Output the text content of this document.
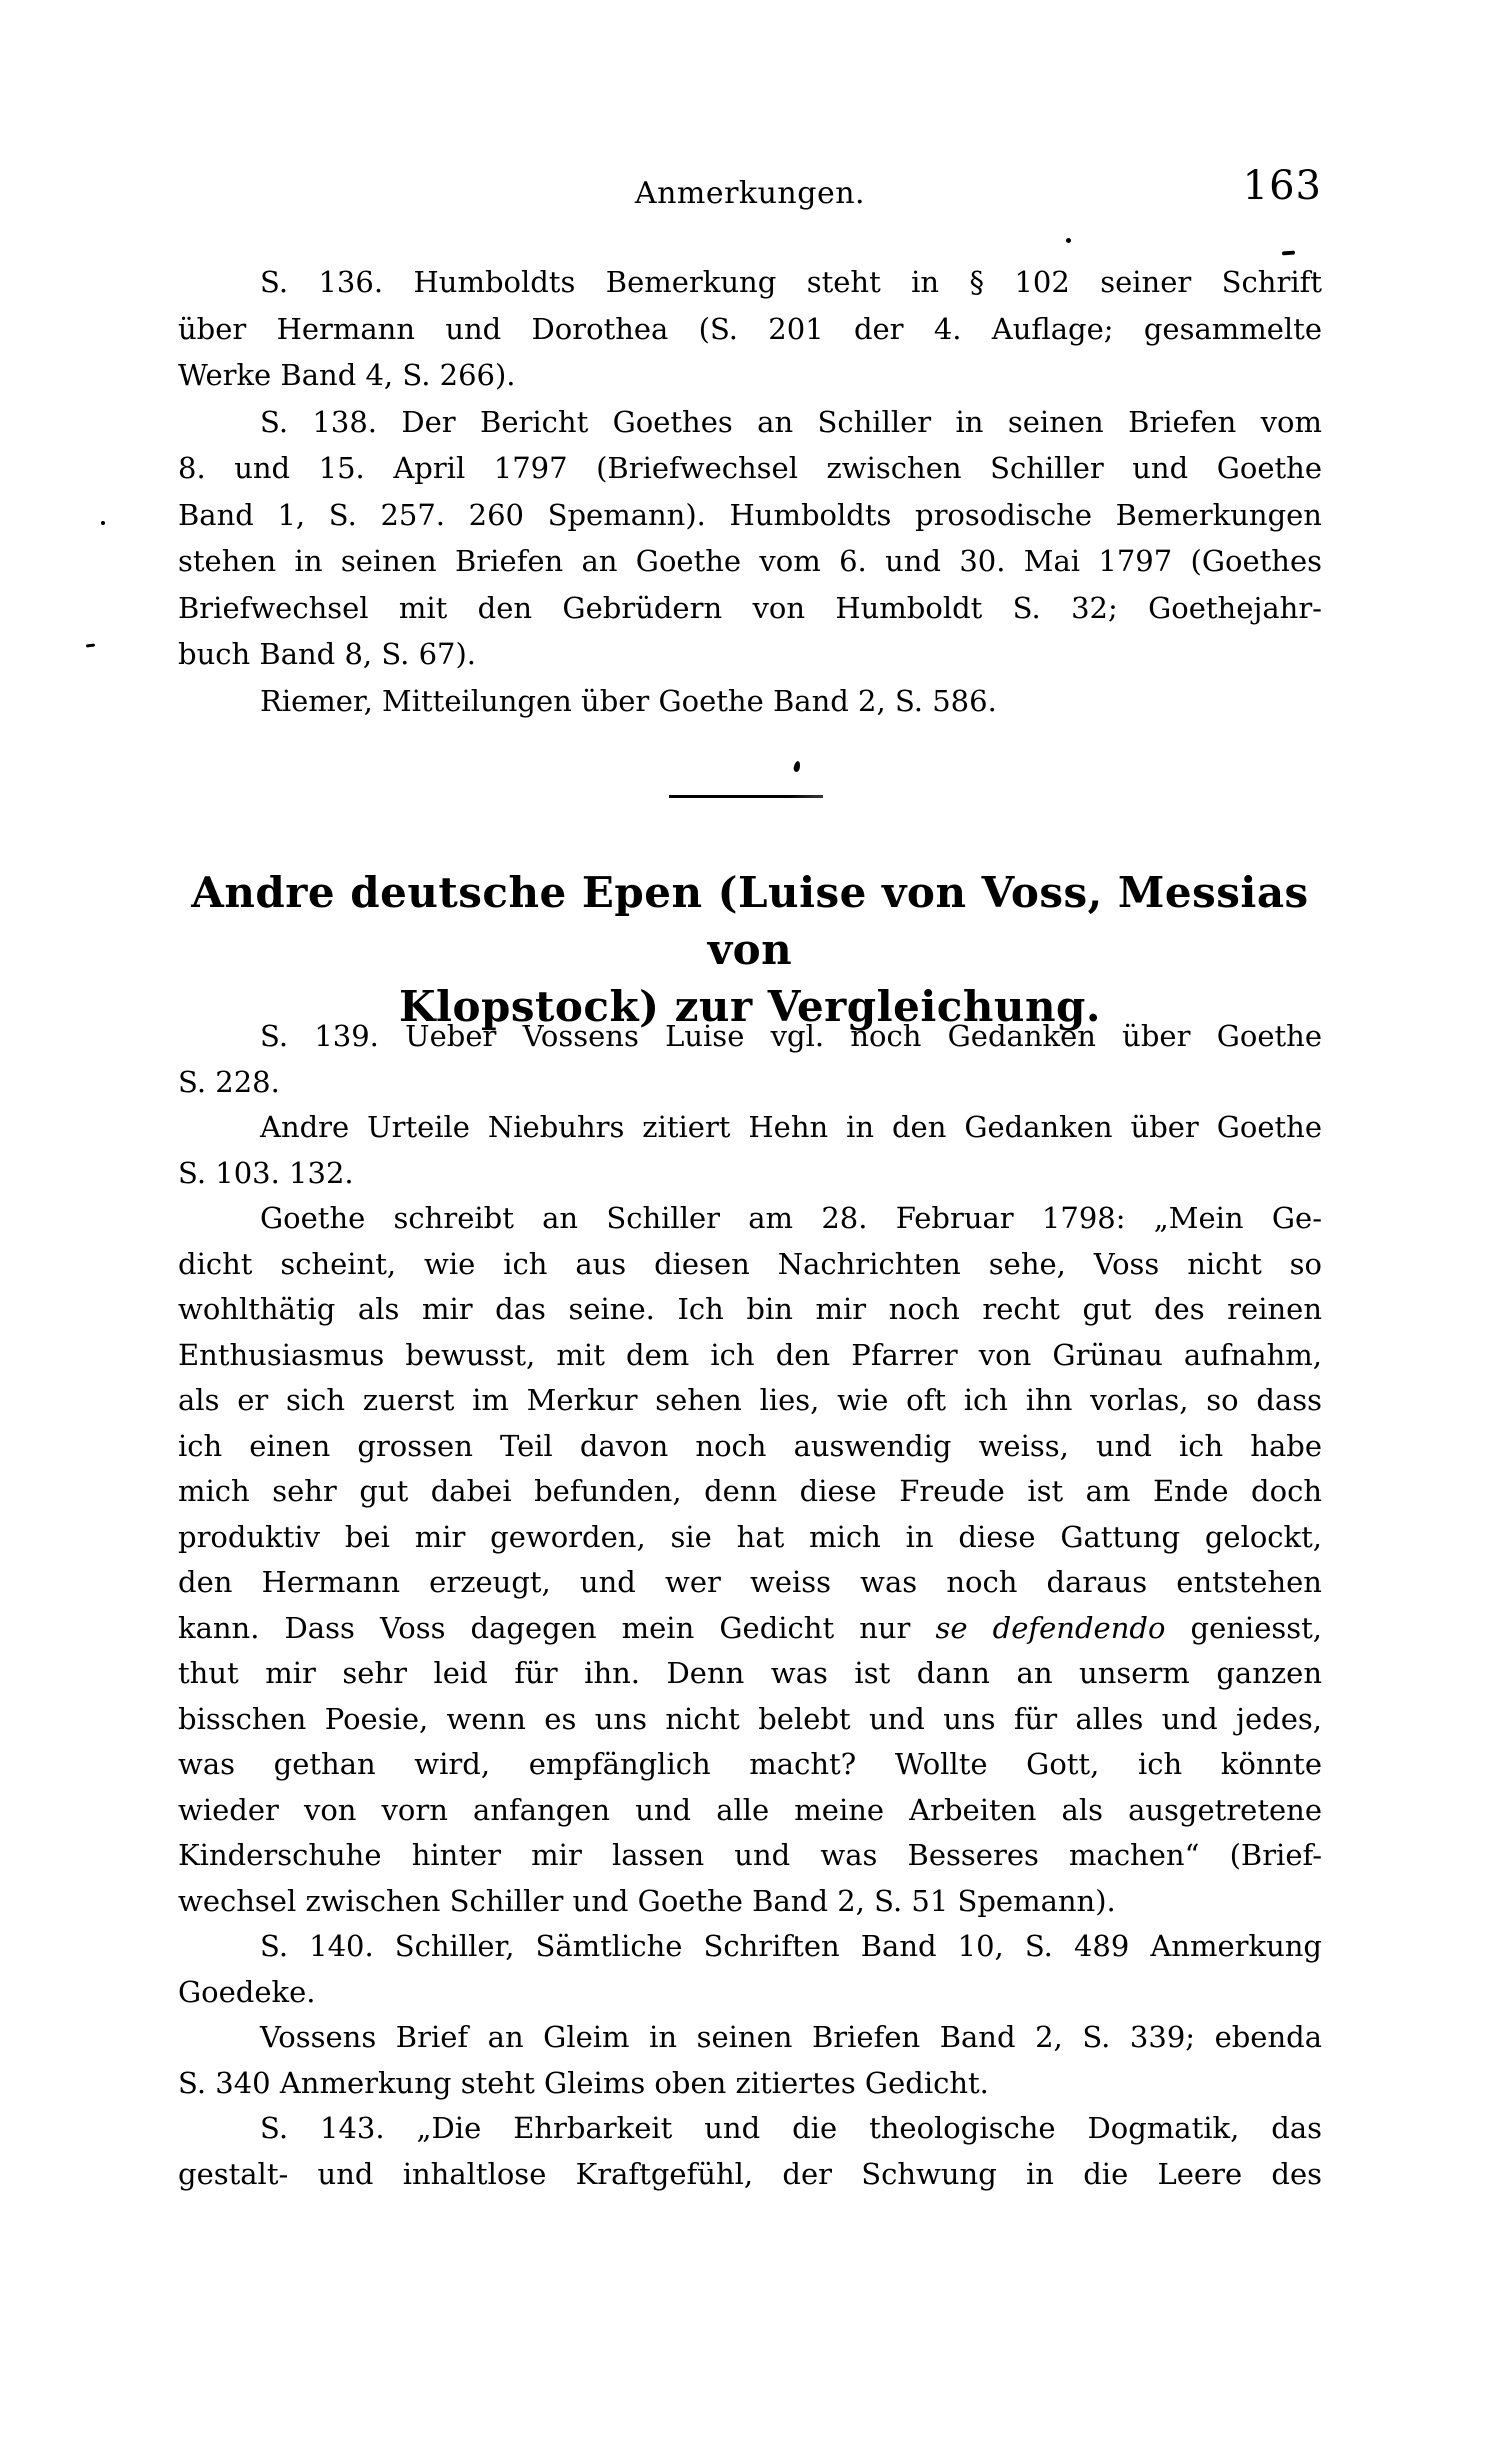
Anmerkungen.	163
S. 136. Humboldts Bemerkung steht in § 102 seiner Schrift
über Hermann und Dorothea (S. 201 der 4. Auflage; gesammelte
Werke Band 4, S. 266).
S. 138. Der Bericht Goethes an Schiller in seinen Briefen vom
8. und 15. April 1797 (Briefwechsel zwischen Schiller und Goethe
Band 1, S. 257. 260 Spemann). Humboldts prosodische Bemerkungen
stehen in seinen Briefen an Goethe vom 6. und 30. Mai 1797 (Goethes
Briefwechsel mit den Gebrüdern von Humboldt S. 32; Goethejahr-
buch Band 8, S. 67).
Riemer, Mitteilungen über Goethe Band 2, S. 586.
Andre deutsche Epen (Luise von Voss, Messias von
Klopstock) zur Vergleichung.
S. 139. Ueber Vossens Luise vgl. noch Gedanken über Goethe
S. 228.
Andre Urteile Niebuhrs zitiert Hehn in den Gedanken über Goethe
S. 103. 132.
Goethe schreibt an Schiller am 28. Februar 1798: „Mein Ge-
dicht scheint, wie ich aus diesen Nachrichten sehe, Voss nicht so
wohlthätig als mir das seine. Ich bin mir noch recht gut des reinen
Enthusiasmus bewusst, mit dem ich den Pfarrer von Grünau aufnahm,
als er sich zuerst im Merkur sehen lies, wie oft ich ihn vorlas, so dass
ich einen grossen Teil davon noch auswendig weiss, und ich habe
mich sehr gut dabei befunden, denn diese Freude ist am Ende doch
produktiv bei mir geworden, sie hat mich in diese Gattung gelockt,
den Hermann erzeugt, und wer weiss was noch daraus entstehen
kann. Dass Voss dagegen mein Gedicht nur se defendendo geniesst,
thut mir sehr leid für ihn. Denn was ist dann an unserm ganzen
bisschen Poesie, wenn es uns nicht belebt und uns für alles und jedes,
was gethan wird, empfänglich macht? Wollte Gott, ich könnte
wieder von vorn anfangen und alle meine Arbeiten als ausgetretene
Kinderschuhe hinter mir lassen und was Besseres machen“ (Brief-
wechsel zwischen Schiller und Goethe Band 2, S. 51 Spemann).
S. 140. Schiller, Sämtliche Schriften Band 10, S. 489 Anmerkung
Goedeke.
Vossens Brief an Gleim in seinen Briefen Band 2, S. 339; ebenda
S. 340 Anmerkung steht Gleims oben zitiertes Gedicht.
S. 143. „Die Ehrbarkeit und die theologische Dogmatik, das
gestalt- und inhaltlose Kraftgefühl, der Schwung in die Leere des
